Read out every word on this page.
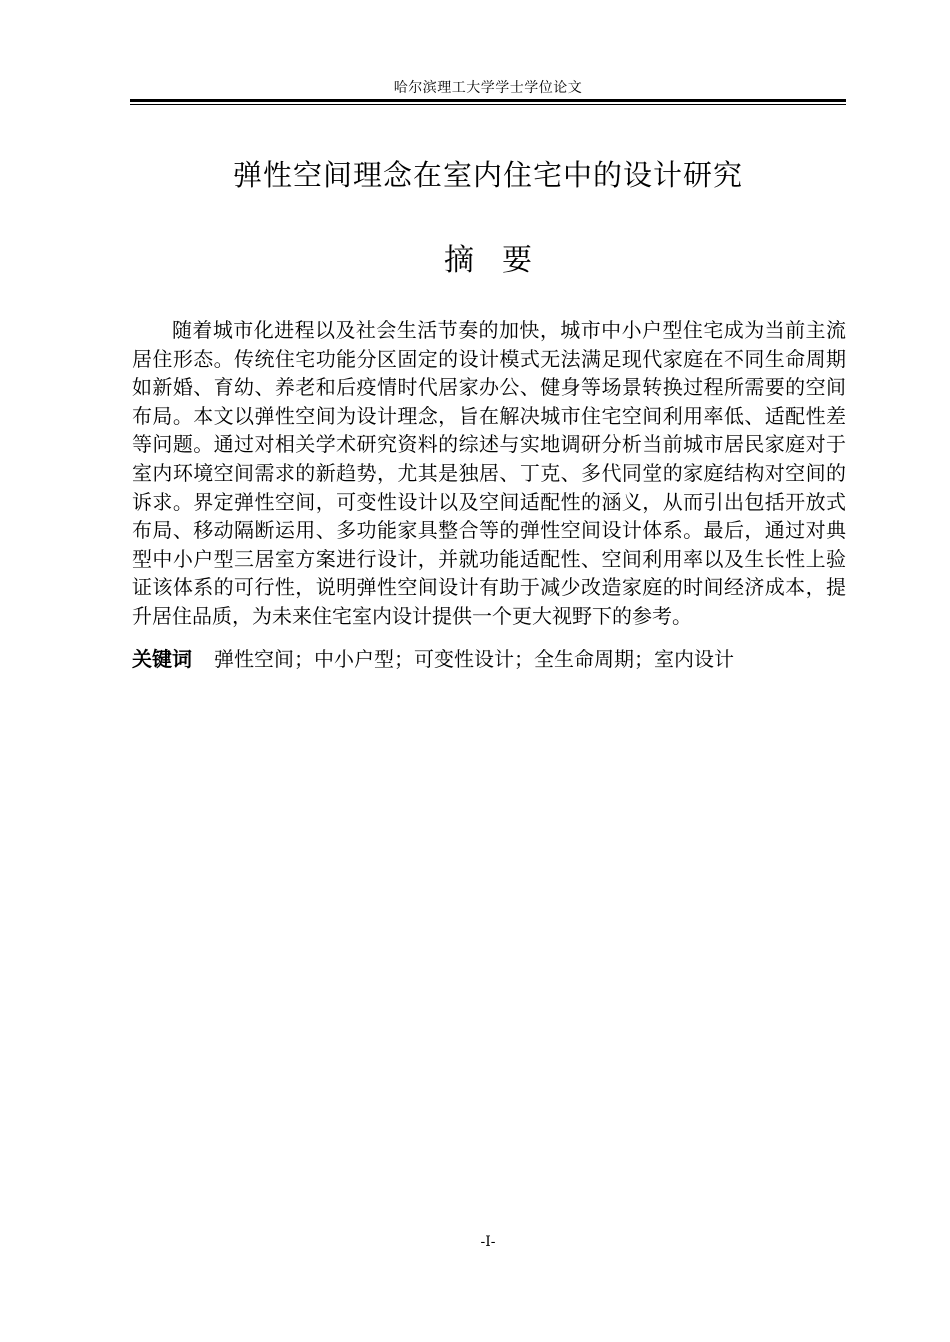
哈尔滨理工大学学士学位论文
弹性空间理念在室内住宅中的设计研究
摘要

随着城市化进程以及社会生活节奏的加快，城市中小户型住宅成为当前主流居住形态。传统住宅功能分区固定的设计模式无法满足现代家庭在不同生命周期如新婚、育幼、养老和后疫情时代居家办公、健身等场景转换过程所需要的空间布局。本文以弹性空间为设计理念，旨在解决城市住宅空间利用率低、适配性差等问题。通过对相关学术研究资料的综述与实地调研分析当前城市居民家庭对于室内环境空间需求的新趋势，尤其是独居、丁克、多代同堂的家庭结构对空间的诉求。界定弹性空间，可变性设计以及空间适配性的涵义，从而引出包括开放式布局、移动隔断运用、多功能家具整合等的弹性空间设计体系。最后，通过对典型中小户型三居室方案进行设计，并就功能适配性、空间利用率以及生长性上验证该体系的可行性，说明弹性空间设计有助于减少改造家庭的时间经济成本，提升居住品质，为未来住宅室内设计提供一个更大视野下的参考。

关键词 弹性空间；中小户型；可变性设计；全生命周期；室内设计

-I-
